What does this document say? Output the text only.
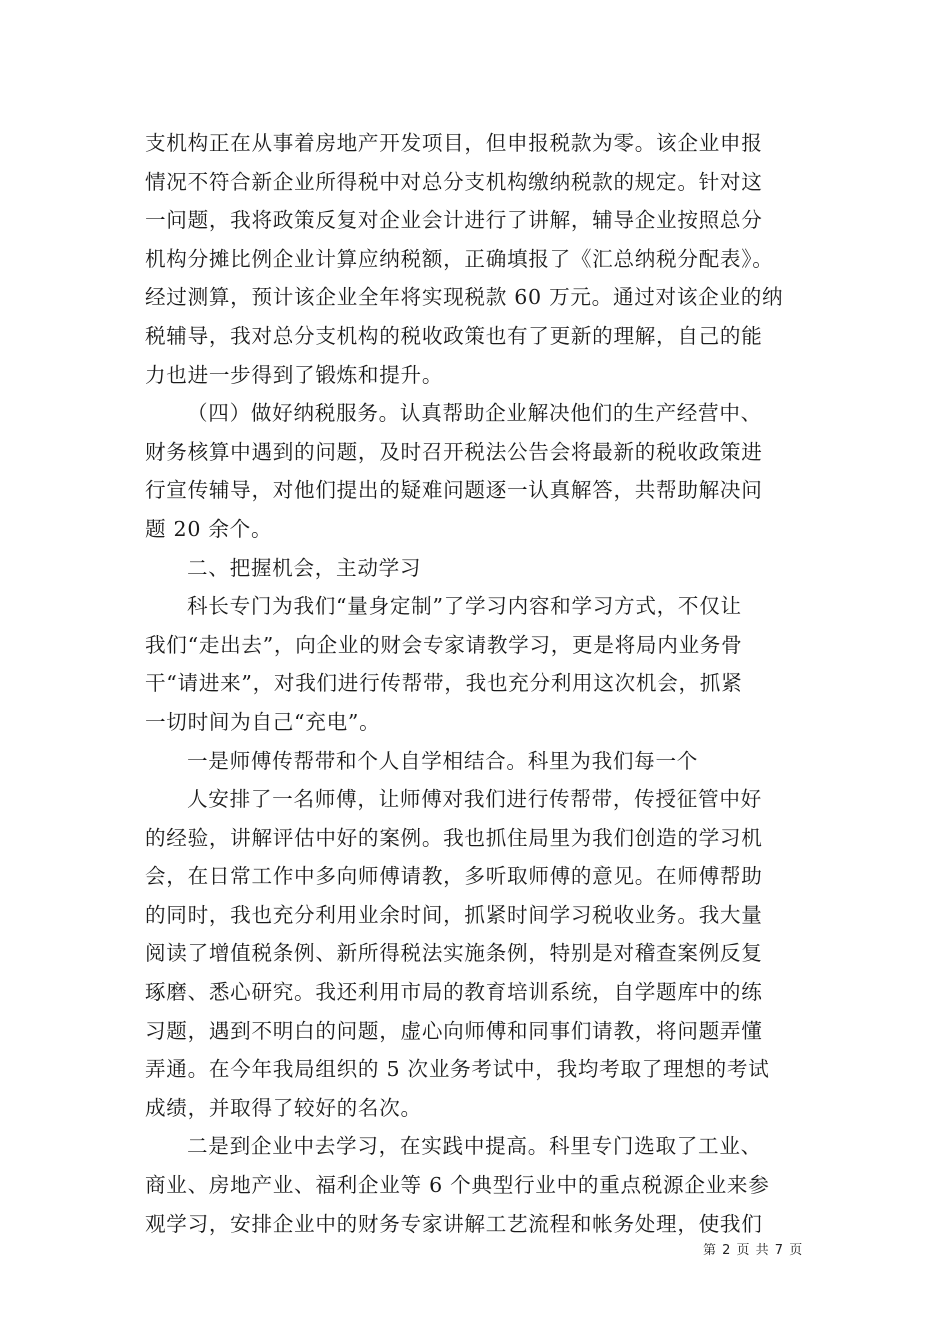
支机构正在从事着房地产开发项目，但申报税款为零。该企业申报
情况不符合新企业所得税中对总分支机构缴纳税款的规定。针对这
一问题，我将政策反复对企业会计进行了讲解，辅导企业按照总分
机构分摊比例企业计算应纳税额，正确填报了《汇总纳税分配表》。
经过测算，预计该企业全年将实现税款 60 万元。通过对该企业的纳
税辅导，我对总分支机构的税收政策也有了更新的理解，自己的能
力也进一步得到了锻炼和提升。
（四）做好纳税服务。认真帮助企业解决他们的生产经营中、
财务核算中遇到的问题，及时召开税法公告会将最新的税收政策进
行宣传辅导，对他们提出的疑难问题逐一认真解答，共帮助解决问
题 20 余个。
二、把握机会，主动学习
科长专门为我们“量身定制”了学习内容和学习方式，不仅让
我们“走出去”，向企业的财会专家请教学习，更是将局内业务骨
干“请进来”，对我们进行传帮带，我也充分利用这次机会，抓紧
一切时间为自己“充电”。
一是师傅传帮带和个人自学相结合。科里为我们每一个
人安排了一名师傅，让师傅对我们进行传帮带，传授征管中好
的经验，讲解评估中好的案例。我也抓住局里为我们创造的学习机
会，在日常工作中多向师傅请教，多听取师傅的意见。在师傅帮助
的同时，我也充分利用业余时间，抓紧时间学习税收业务。我大量
阅读了增值税条例、新所得税法实施条例，特别是对稽查案例反复
琢磨、悉心研究。我还利用市局的教育培训系统，自学题库中的练
习题，遇到不明白的问题，虚心向师傅和同事们请教，将问题弄懂
弄通。在今年我局组织的 5 次业务考试中，我均考取了理想的考试
成绩，并取得了较好的名次。
二是到企业中去学习，在实践中提高。科里专门选取了工业、
商业、房地产业、福利企业等 6 个典型行业中的重点税源企业来参
观学习，安排企业中的财务专家讲解工艺流程和帐务处理，使我们
第 2 页 共 7 页
